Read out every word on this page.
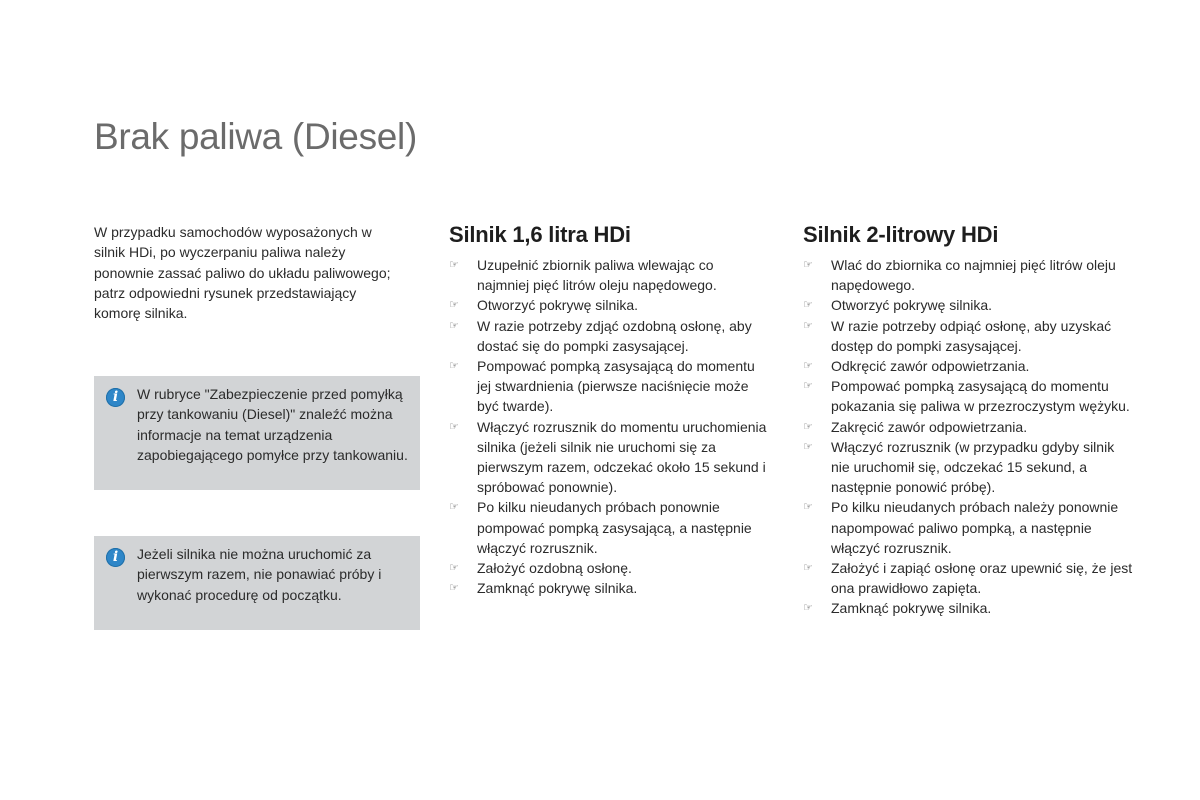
Brak paliwa (Diesel)

W przypadku samochodów wyposażonych w silnik HDi, po wyczerpaniu paliwa należy ponownie zassać paliwo do układu paliwowego; patrz odpowiedni rysunek przedstawiający komorę silnika.

i	W rubryce "Zabezpieczenie przed pomyłką przy tankowaniu (Diesel)" znaleźć można informacje na temat urządzenia zapobiegającego pomyłce przy tankowaniu.

i	Jeżeli silnika nie można uruchomić za pierwszym razem, nie ponawiać próby i wykonać procedurę od początku.

Silnik 1,6 litra HDi
☞ Uzupełnić zbiornik paliwa wlewając co najmniej pięć litrów oleju napędowego.
☞ Otworzyć pokrywę silnika.
☞ W razie potrzeby zdjąć ozdobną osłonę, aby dostać się do pompki zasysającej.
☞ Pompować pompką zasysającą do momentu jej stwardnienia (pierwsze naciśnięcie może być twarde).
☞ Włączyć rozrusznik do momentu uruchomienia silnika (jeżeli silnik nie uruchomi się za pierwszym razem, odczekać około 15 sekund i spróbować ponownie).
☞ Po kilku nieudanych próbach ponownie pompować pompką zasysającą, a następnie włączyć rozrusznik.
☞ Założyć ozdobną osłonę.
☞ Zamknąć pokrywę silnika.
Silnik 2-litrowy HDi
☞ Wlać do zbiornika co najmniej pięć litrów oleju napędowego.
☞ Otworzyć pokrywę silnika.
☞ W razie potrzeby odpiąć osłonę, aby uzyskać dostęp do pompki zasysającej.
☞ Odkręcić zawór odpowietrzania.
☞ Pompować pompką zasysającą do momentu pokazania się paliwa w przezroczystym wężyku.
☞ Zakręcić zawór odpowietrzania.
☞ Włączyć rozrusznik (w przypadku gdyby silnik nie uruchomił się, odczekać 15 sekund, a następnie ponowić próbę).
☞ Po kilku nieudanych próbach należy ponownie napompować paliwo pompką, a następnie włączyć rozrusznik.
☞ Założyć i zapiąć osłonę oraz upewnić się, że jest ona prawidłowo zapięta.
☞ Zamknąć pokrywę silnika.
